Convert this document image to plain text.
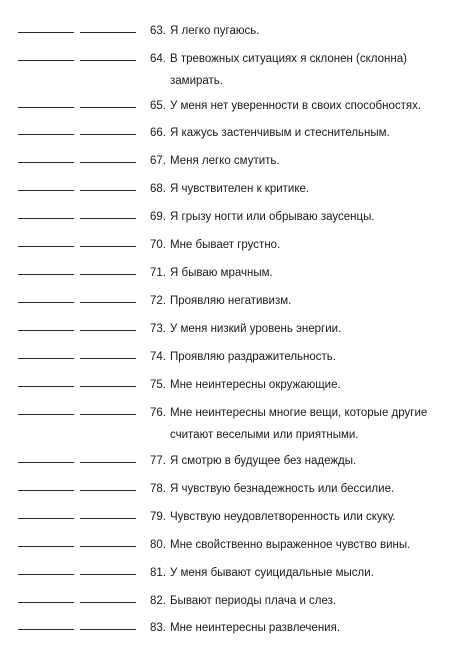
63. Я легко пугаюсь.
64. В тревожных ситуациях я склонен (склонна) замирать.
65. У меня нет уверенности в своих способностях.
66. Я кажусь застенчивым и стеснительным.
67. Меня легко смутить.
68. Я чувствителен к критике.
69. Я грызу ногти или обрываю заусенцы.
70. Мне бывает грустно.
71. Я бываю мрачным.
72. Проявляю негативизм.
73. У меня низкий уровень энергии.
74. Проявляю раздражительность.
75. Мне неинтересны окружающие.
76. Мне неинтересны многие вещи, которые другие считают веселыми или приятными.
77. Я смотрю в будущее без надежды.
78. Я чувствую безнадежность или бессилие.
79. Чувствую неудовлетворенность или скуку.
80. Мне свойственно выраженное чувство вины.
81. У меня бывают суицидальные мысли.
82. Бывают периоды плача и слез.
83. Мне неинтересны развлечения.
